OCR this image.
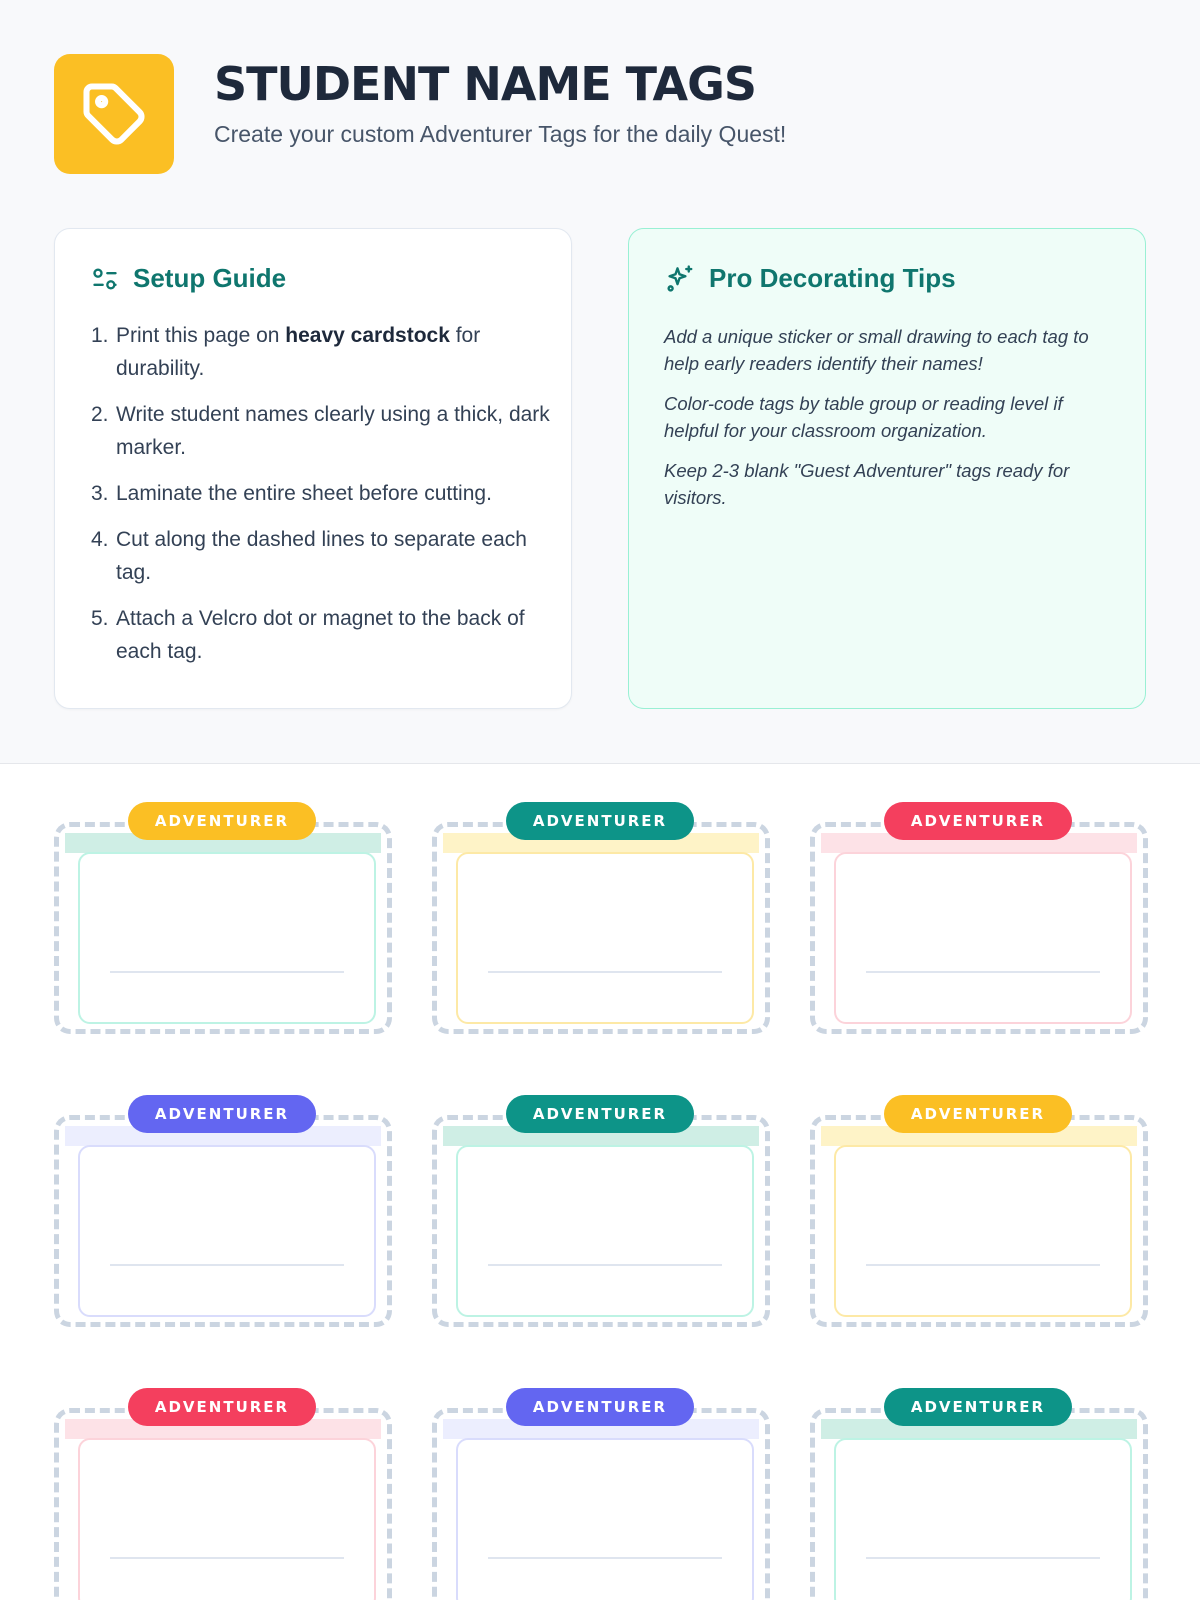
STUDENT NAME TAGS

Create your custom Adventurer Tags for the daily Quest!

Setup Guide
1. Print this page on heavy cardstock for durability.
2. Write student names clearly using a thick, dark marker.
3. Laminate the entire sheet before cutting.
4. Cut along the dashed lines to separate each tag.
5. Attach a Velcro dot or magnet to the back of each tag.
Pro Decorating Tips

Add a unique sticker or small drawing to each tag to help early readers identify their names!

Color-code tags by table group or reading level if helpful for your classroom organization.

Keep 2-3 blank "Guest Adventurer" tags ready for visitors.

ADVENTURER	ADVENTURER	ADVENTURER
ADVENTURER	ADVENTURER	ADVENTURER
ADVENTURER	ADVENTURER	ADVENTURER
